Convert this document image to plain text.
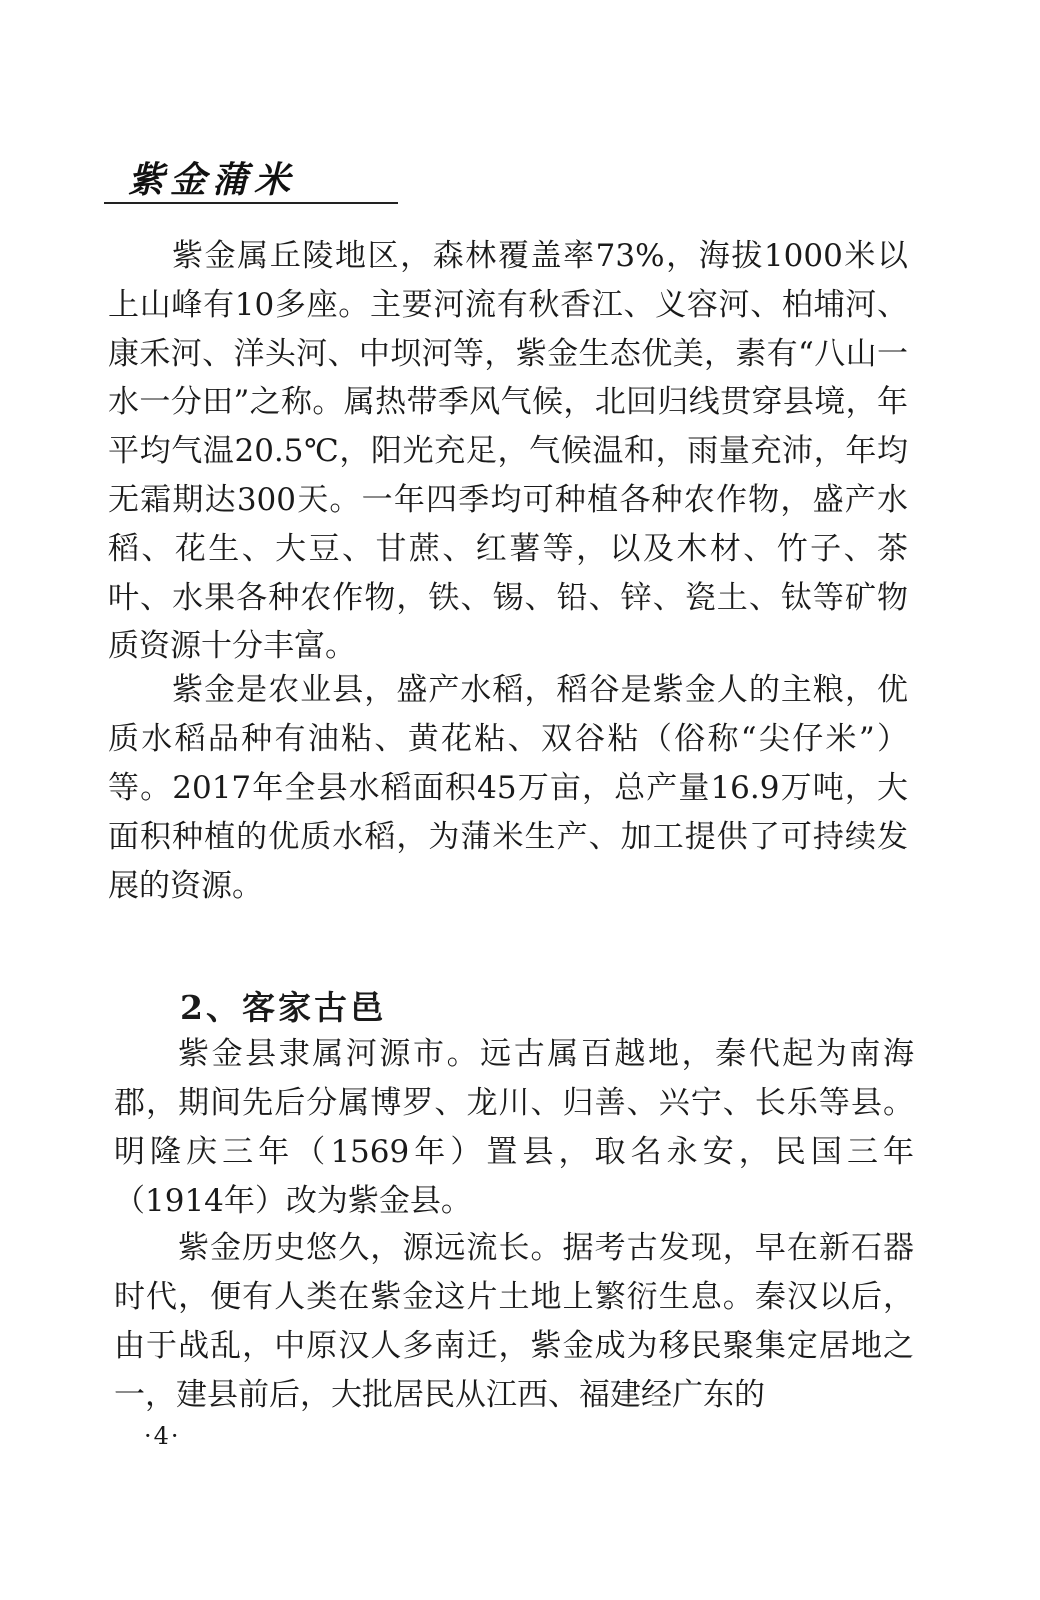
紫金蒲米

紫金属丘陵地区，森林覆盖率73%，海拔1000米以上山峰有10多座。主要河流有秋香江、义容河、柏埔河、康禾河、洋头河、中坝河等，紫金生态优美，素有“八山一水一分田”之称。属热带季风气候，北回归线贯穿县境，年平均气温20.5℃，阳光充足，气候温和，雨量充沛，年均无霜期达300天。一年四季均可种植各种农作物，盛产水稻、花生、大豆、甘蔗、红薯等，以及木材、竹子、茶叶、水果各种农作物，铁、锡、铅、锌、瓷土、钛等矿物质资源十分丰富。

紫金是农业县，盛产水稻，稻谷是紫金人的主粮，优质水稻品种有油粘、黄花粘、双谷粘（俗称“尖仔米”）等。2017年全县水稻面积45万亩，总产量16.9万吨，大面积种植的优质水稻，为蒲米生产、加工提供了可持续发展的资源。

2、客家古邑

紫金县隶属河源市。远古属百越地，秦代起为南海郡，期间先后分属博罗、龙川、归善、兴宁、长乐等县。明隆庆三年（1569年）置县，取名永安，民国三年（1914年）改为紫金县。

紫金历史悠久，源远流长。据考古发现，早在新石器时代，便有人类在紫金这片土地上繁衍生息。秦汉以后，由于战乱，中原汉人多南迁，紫金成为移民聚集定居地之一，建县前后，大批居民从江西、福建经广东的

·4·
